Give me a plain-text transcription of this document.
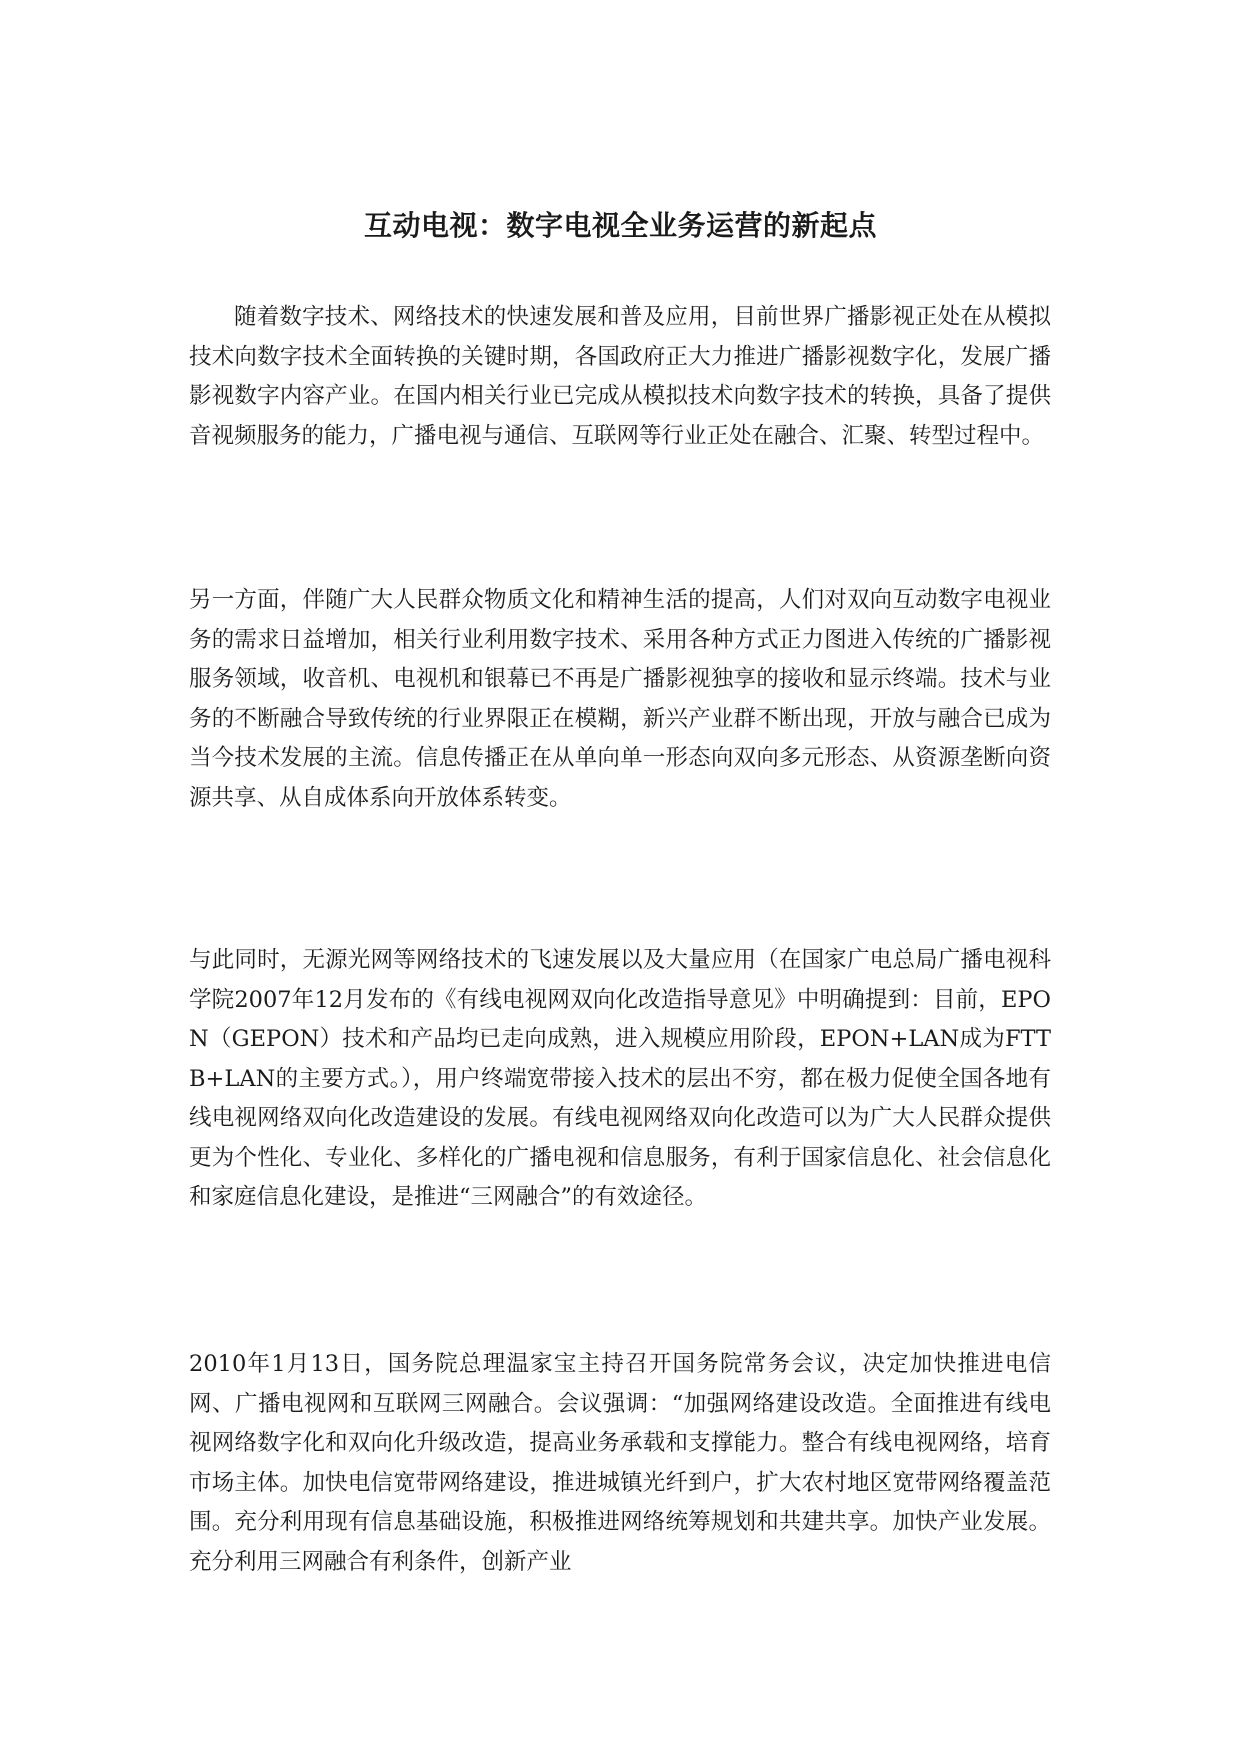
互动电视：数字电视全业务运营的新起点

随着数字技术、网络技术的快速发展和普及应用，目前世界广播影视正处在从模拟技术向数字技术全面转换的关键时期，各国政府正大力推进广播影视数字化，发展广播影视数字内容产业。在国内相关行业已完成从模拟技术向数字技术的转换，具备了提供音视频服务的能力，广播电视与通信、互联网等行业正处在融合、汇聚、转型过程中。

另一方面，伴随广大人民群众物质文化和精神生活的提高，人们对双向互动数字电视业务的需求日益增加，相关行业利用数字技术、采用各种方式正力图进入传统的广播影视服务领域，收音机、电视机和银幕已不再是广播影视独享的接收和显示终端。技术与业务的不断融合导致传统的行业界限正在模糊，新兴产业群不断出现，开放与融合已成为当今技术发展的主流。信息传播正在从单向单一形态向双向多元形态、从资源垄断向资源共享、从自成体系向开放体系转变。

与此同时，无源光网等网络技术的飞速发展以及大量应用（在国家广电总局广播电视科学院2007年12月发布的《有线电视网双向化改造指导意见》中明确提到：目前，EPON（GEPON）技术和产品均已走向成熟，进入规模应用阶段，EPON+LAN成为FTTB+LAN的主要方式。），用户终端宽带接入技术的层出不穷，都在极力促使全国各地有线电视网络双向化改造建设的发展。有线电视网络双向化改造可以为广大人民群众提供更为个性化、专业化、多样化的广播电视和信息服务，有利于国家信息化、社会信息化和家庭信息化建设，是推进“三网融合”的有效途径。

2010年1月13日，国务院总理温家宝主持召开国务院常务会议，决定加快推进电信网、广播电视网和互联网三网融合。会议强调：“加强网络建设改造。全面推进有线电视网络数字化和双向化升级改造，提高业务承载和支撑能力。整合有线电视网络，培育市场主体。加快电信宽带网络建设，推进城镇光纤到户，扩大农村地区宽带网络覆盖范围。充分利用现有信息基础设施，积极推进网络统筹规划和共建共享。加快产业发展。充分利用三网融合有利条件，创新产业
